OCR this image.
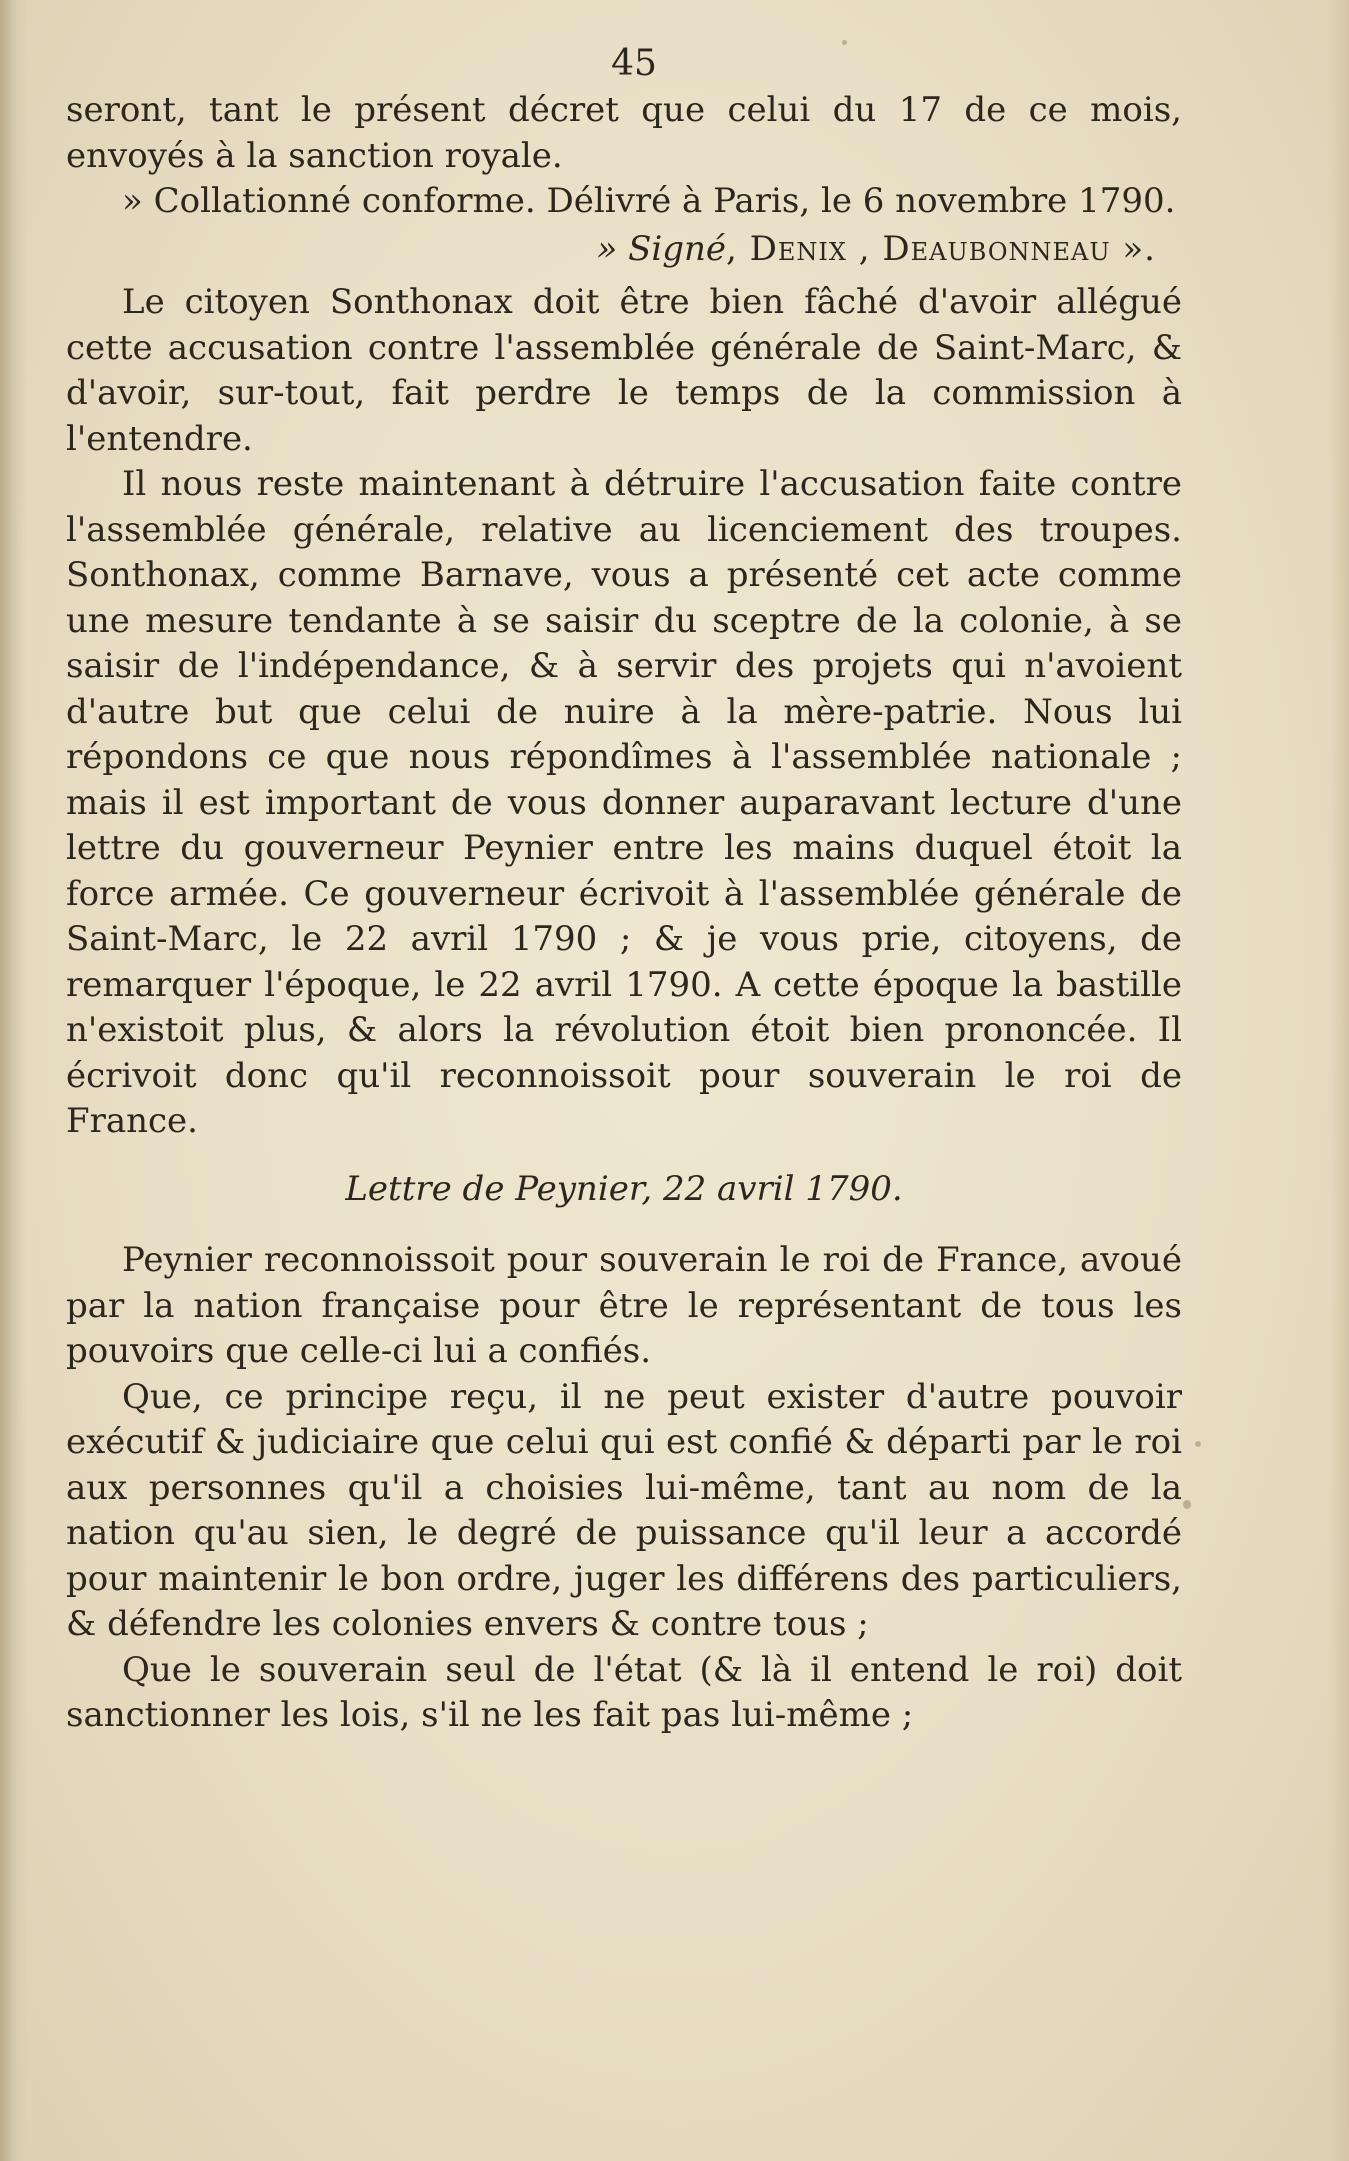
45

seront, tant le présent décret que celui du 17 de ce mois, envoyés à la sanction royale.

» Collationné conforme. Délivré à Paris, le 6 novembre 1790.

» Signé, Denix , Deaubonneau ».

Le citoyen Sonthonax doit être bien fâché d'avoir allégué cette accusation contre l'assemblée générale de Saint-Marc, & d'avoir, sur-tout, fait perdre le temps de la commission à l'entendre.

Il nous reste maintenant à détruire l'accusation faite contre l'assemblée générale, relative au licenciement des troupes. Sonthonax, comme Barnave, vous a présenté cet acte comme une mesure tendante à se saisir du sceptre de la colonie, à se saisir de l'indépendance, & à servir des projets qui n'avoient d'autre but que celui de nuire à la mère-patrie. Nous lui répondons ce que nous répondîmes à l'assemblée nationale ; mais il est important de vous donner auparavant lecture d'une lettre du gouverneur Peynier entre les mains duquel étoit la force armée. Ce gouverneur écrivoit à l'assemblée générale de Saint-Marc, le 22 avril 1790 ; & je vous prie, citoyens, de remarquer l'époque, le 22 avril 1790. A cette époque la bastille n'existoit plus, & alors la révolution étoit bien prononcée. Il écrivoit donc qu'il reconnoissoit pour souverain le roi de France.

Lettre de Peynier, 22 avril 1790.

Peynier reconnoissoit pour souverain le roi de France, avoué par la nation française pour être le représentant de tous les pouvoirs que celle-ci lui a confiés.

Que, ce principe reçu, il ne peut exister d'autre pouvoir exécutif & judiciaire que celui qui est confié & départi par le roi aux personnes qu'il a choisies lui-même, tant au nom de la nation qu'au sien, le degré de puissance qu'il leur a accordé pour maintenir le bon ordre, juger les différens des particuliers, & défendre les colonies envers & contre tous ;

Que le souverain seul de l'état (& là il entend le roi) doit sanctionner les lois, s'il ne les fait pas lui-même ;
